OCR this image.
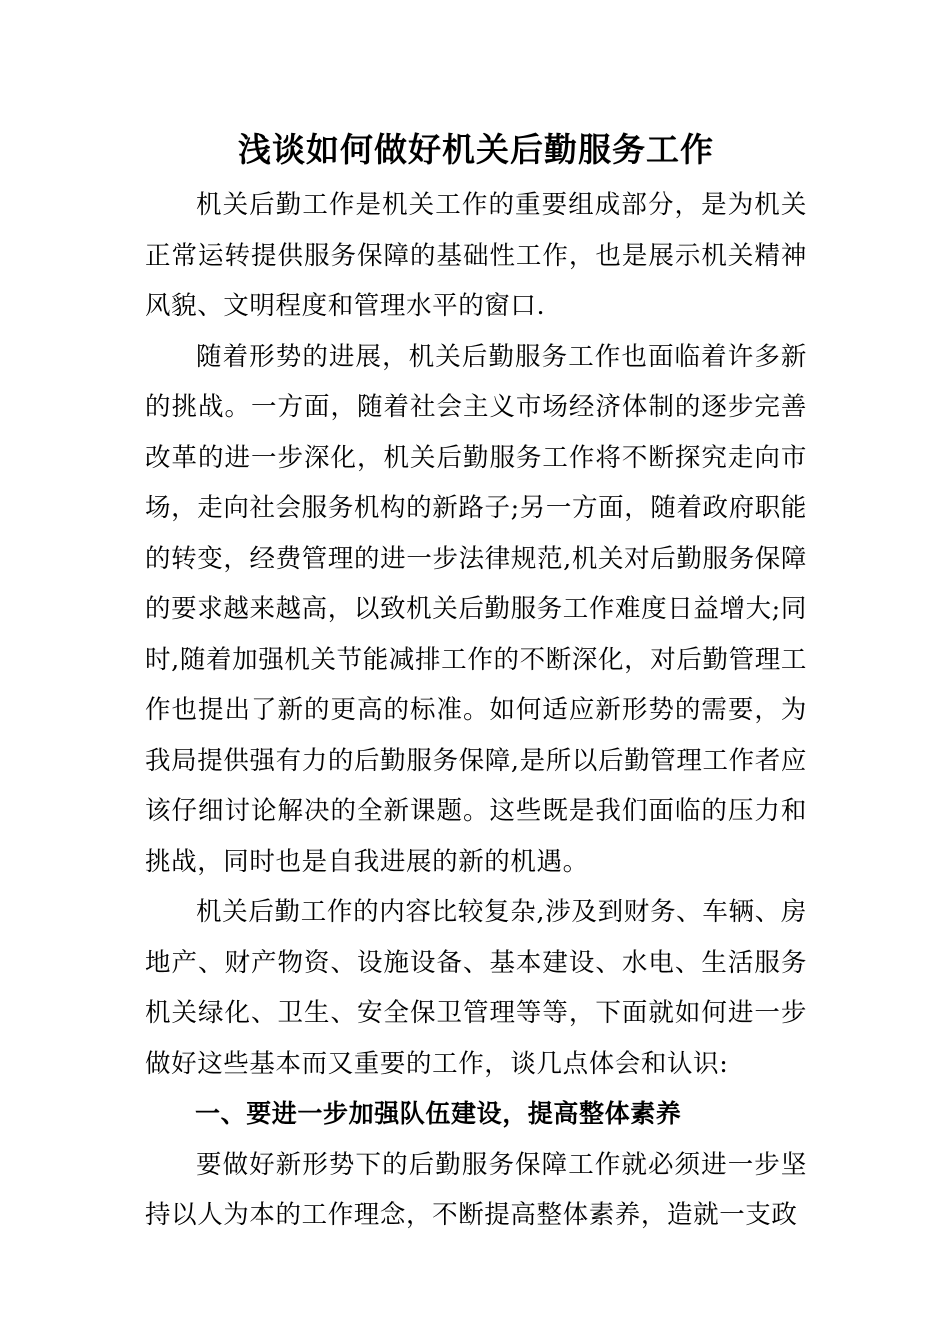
浅谈如何做好机关后勤服务工作

机关后勤工作是机关工作的重要组成部分，是为机关正常运转提供服务保障的基础性工作，也是展示机关精神风貌、文明程度和管理水平的窗口.

随着形势的进展，机关后勤服务工作也面临着许多新的挑战。一方面，随着社会主义市场经济体制的逐步完善改革的进一步深化，机关后勤服务工作将不断探究走向市场，走向社会服务机构的新路子;另一方面，随着政府职能的转变，经费管理的进一步法律规范,机关对后勤服务保障的要求越来越高，以致机关后勤服务工作难度日益增大;同时,随着加强机关节能减排工作的不断深化，对后勤管理工作也提出了新的更高的标准。如何适应新形势的需要，为我局提供强有力的后勤服务保障,是所以后勤管理工作者应该仔细讨论解决的全新课题。这些既是我们面临的压力和挑战，同时也是自我进展的新的机遇。

机关后勤工作的内容比较复杂,涉及到财务、车辆、房地产、财产物资、设施设备、基本建设、水电、生活服务机关绿化、卫生、安全保卫管理等等，下面就如何进一步做好这些基本而又重要的工作，谈几点体会和认识:

一、要进一步加强队伍建设，提高整体素养

要做好新形势下的后勤服务保障工作就必须进一步坚持以人为本的工作理念，不断提高整体素养，造就一支政
